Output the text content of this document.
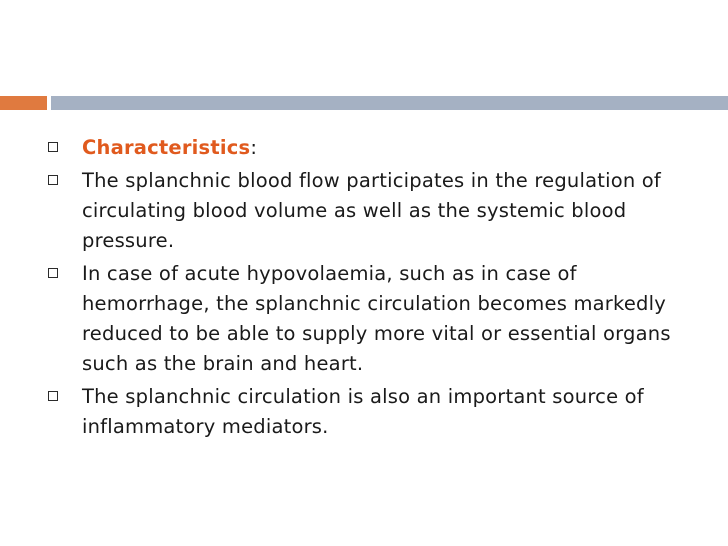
Characteristics:
The splanchnic blood flow participates in the regulation of circulating blood volume as well as the systemic blood pressure.
In case of acute hypovolaemia, such as in case of hemorrhage, the splanchnic circulation becomes markedly reduced to be able to supply more vital or essential organs such as the brain and heart.
The splanchnic circulation is also an important source of inflammatory mediators.
